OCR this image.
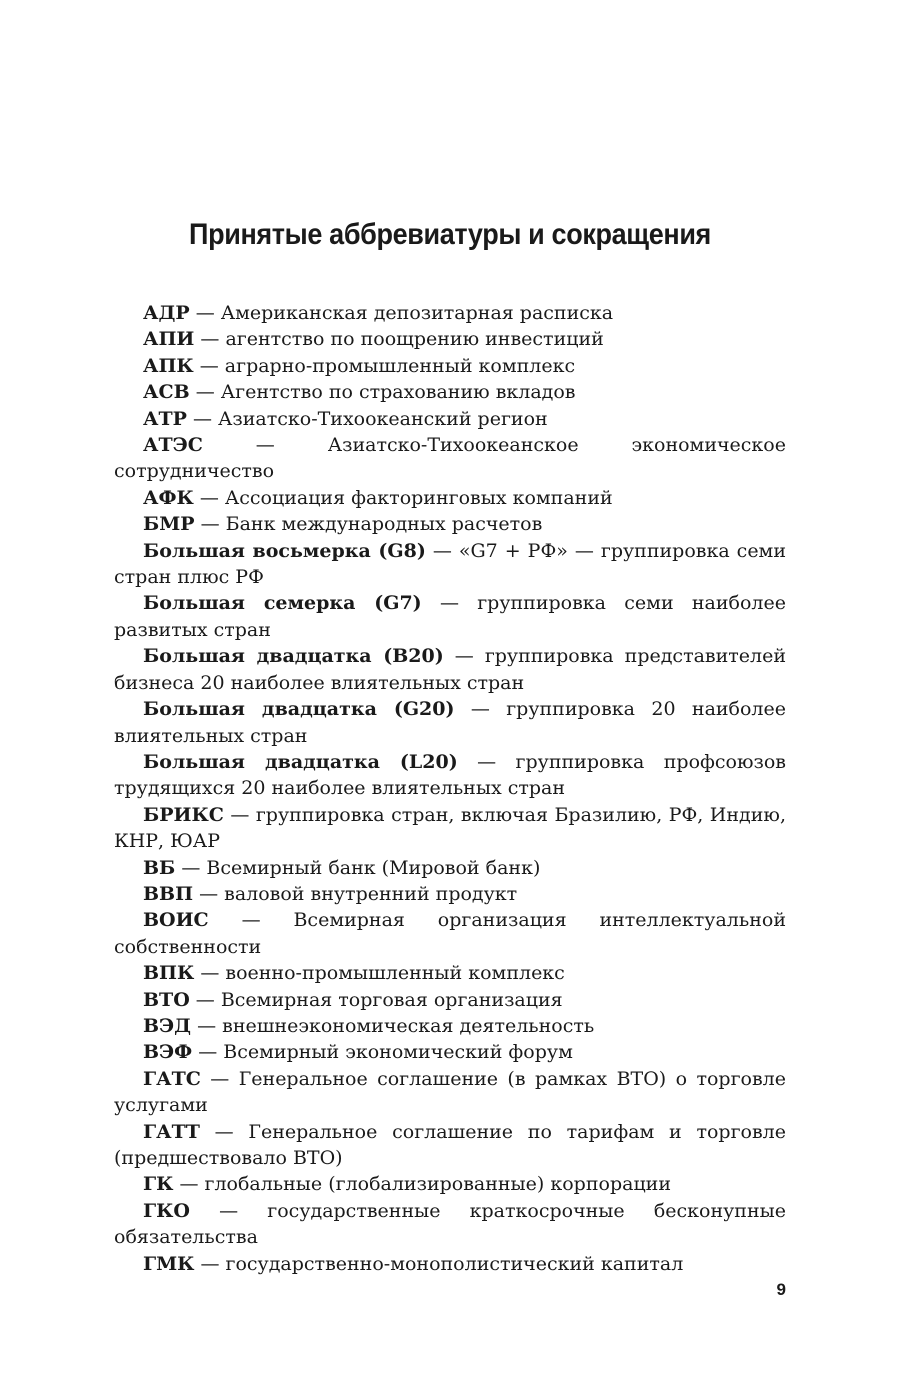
Принятые аббревиатуры и сокращения
АДР — Американская депозитарная расписка
АПИ — агентство по поощрению инвестиций
АПК — аграрно-промышленный комплекс
АСВ — Агентство по страхованию вкладов
АТР — Азиатско-Тихоокеанский регион
АТЭС — Азиатско-Тихоокеанское экономическое сотрудничество
АФК — Ассоциация факторинговых компаний
БМР — Банк международных расчетов
Большая восьмерка (G8) — «G7 + РФ» — группировка семи стран плюс РФ
Большая семерка (G7) — группировка семи наиболее развитых стран
Большая двадцатка (B20) — группировка представителей бизнеса 20 наиболее влиятельных стран
Большая двадцатка (G20) — группировка 20 наиболее влиятельных стран
Большая двадцатка (L20) — группировка профсоюзов трудящихся 20 наиболее влиятельных стран
БРИКС — группировка стран, включая Бразилию, РФ, Индию, КНР, ЮАР
ВБ — Всемирный банк (Мировой банк)
ВВП — валовой внутренний продукт
ВОИС — Всемирная организация интеллектуальной собственности
ВПК — военно-промышленный комплекс
ВТО — Всемирная торговая организация
ВЭД — внешнеэкономическая деятельность
ВЭФ — Всемирный экономический форум
ГАТС — Генеральное соглашение (в рамках ВТО) о торговле услугами
ГАТТ — Генеральное соглашение по тарифам и торговле (предшествовало ВТО)
ГК — глобальные (глобализированные) корпорации
ГКО — государственные краткосрочные бесконупные обязательства
ГМК — государственно-монополистический капитал
9
